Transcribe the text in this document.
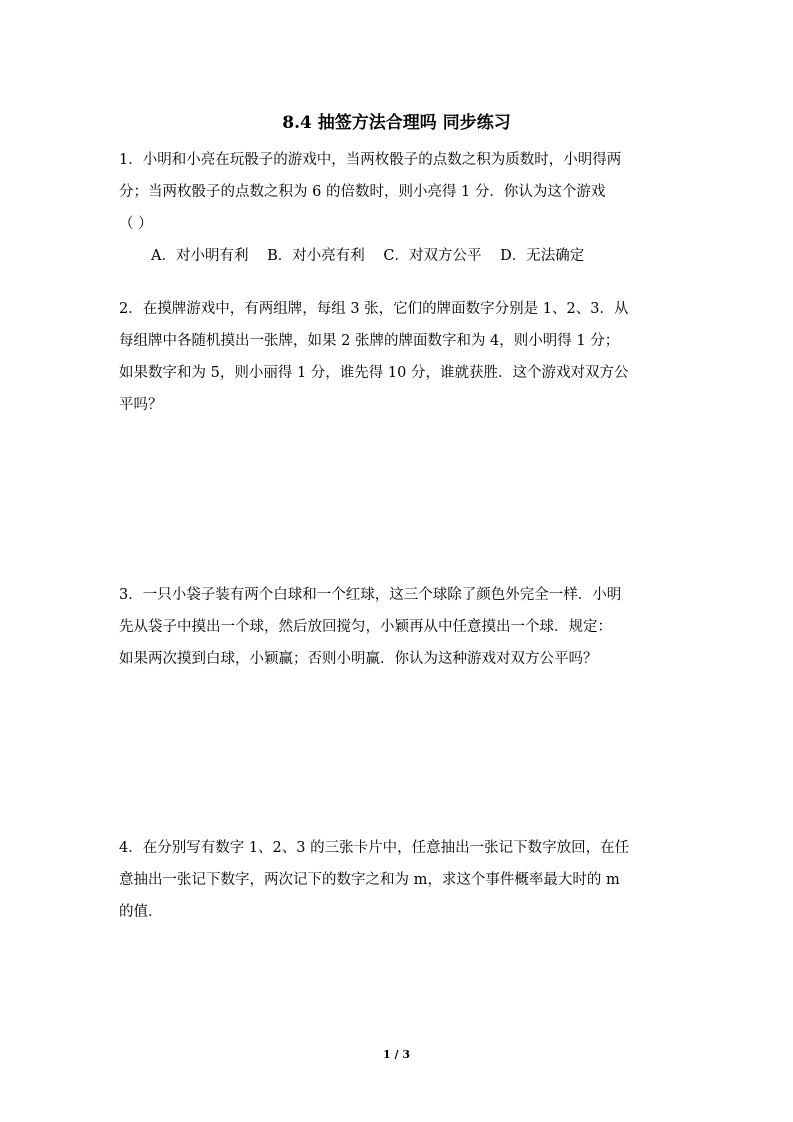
8.4 抽签方法合理吗 同步练习
1．小明和小亮在玩骰子的游戏中，当两枚骰子的点数之积为质数时，小明得两
分；当两枚骰子的点数之积为 6 的倍数时，则小亮得 1 分．你认为这个游戏
（ ）
A．对小明有利 B．对小亮有利 C．对双方公平 D．无法确定
2．在摸牌游戏中，有两组牌，每组 3 张，它们的牌面数字分别是 1、2、3．从
每组牌中各随机摸出一张牌，如果 2 张牌的牌面数字和为 4，则小明得 1 分；
如果数字和为 5，则小丽得 1 分，谁先得 10 分，谁就获胜．这个游戏对双方公
平吗？
3．一只小袋子装有两个白球和一个红球，这三个球除了颜色外完全一样．小明
先从袋子中摸出一个球，然后放回搅匀，小颖再从中任意摸出一个球．规定：
如果两次摸到白球，小颖赢；否则小明赢．你认为这种游戏对双方公平吗？
4．在分别写有数字 1、2、3 的三张卡片中，任意抽出一张记下数字放回，在任
意抽出一张记下数字，两次记下的数字之和为 m，求这个事件概率最大时的 m
的值．
1 / 3
